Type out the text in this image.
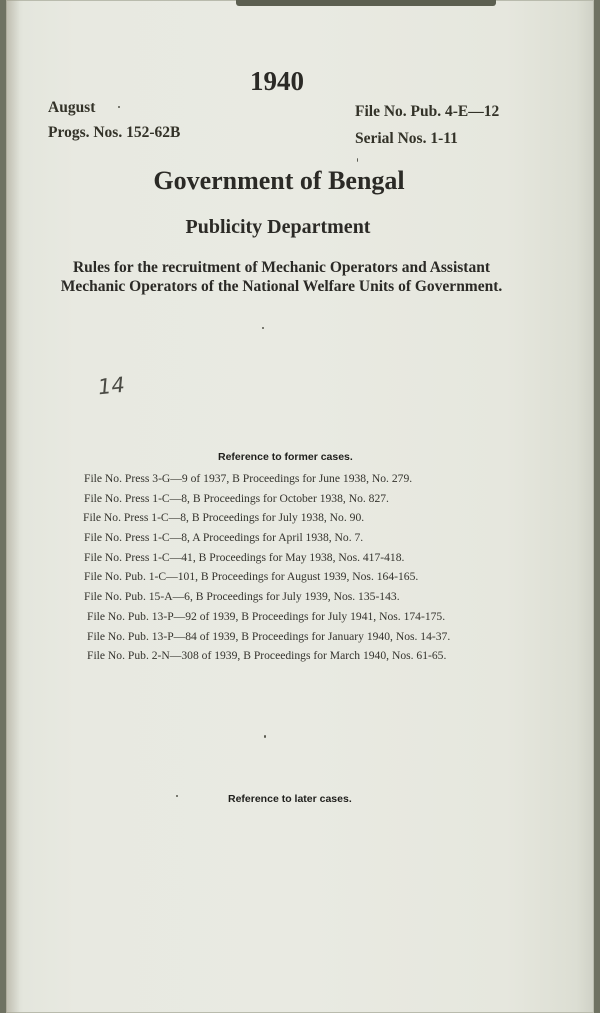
1940
August
Progs. Nos. 152-62B
File No. Pub. 4-E—12
Serial Nos. 1-11
Government of Bengal
Publicity Department
Rules for the recruitment of Mechanic Operators and Assistant Mechanic Operators of the National Welfare Units of Government.
14
Reference to former cases.
File No. Press 3-G—9 of 1937, B Proceedings for June 1938, No. 279.
File No. Press 1-C—8, B Proceedings for October 1938, No. 827.
File No. Press 1-C—8, B Proceedings for July 1938, No. 90.
File No. Press 1-C—8, A Proceedings for April 1938, No. 7.
File No. Press 1-C—41, B Proceedings for May 1938, Nos. 417-418.
File No. Pub. 1-C—101, B Proceedings for August 1939, Nos. 164-165.
File No. Pub. 15-A—6, B Proceedings for July 1939, Nos. 135-143.
File No. Pub. 13-P—92 of 1939, B Proceedings for July 1941, Nos. 174-175.
File No. Pub. 13-P—84 of 1939, B Proceedings for January 1940, Nos. 14-37.
File No. Pub. 2-N—308 of 1939, B Proceedings for March 1940, Nos. 61-65.
Reference to later cases.
